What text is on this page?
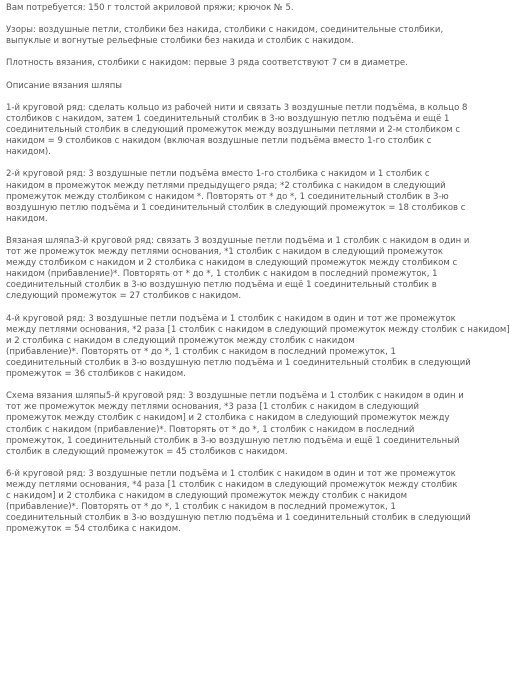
Вам потребуется: 150 г толстой акриловой пряжи; крючок № 5.
Узоры: воздушные петли, столбики без накида, столбики с накидом, соединительные столбики,
выпуклые и вогнутые рельефные столбики без накида и столбик с накидом.
Плотность вязания, столбики с накидом: первые 3 ряда соответствуют 7 см в диаметре.
Описание вязания шляпы
1-й круговой ряд: сделать кольцо из рабочей нити и связать 3 воздушные петли подъёма, в кольцо 8
столбиков с накидом, затем 1 соединительный столбик в 3-ю воздушную петлю подъёма и ещё 1
соединительный столбик в следующий промежуток между воздушными петлями и 2-м столбиком с
накидом = 9 столбиков с накидом (включая воздушные петли подъёма вместо 1-го столбик с
накидом).
2-й круговой ряд: 3 воздушные петли подъёма вместо 1-го столбика с накидом и 1 столбик с
накидом в промежуток между петлями предыдущего ряда; *2 столбика с накидом в следующий
промежуток между столбиком с накидом *. Повторять от * до *, 1 соединительный столбик в 3-ю
воздушную петлю подъёма и 1 соединительный столбик в следующий промежуток = 18 столбиков с
накидом.
Вязаная шляпа3-й круговой ряд: связать 3 воздушные петли подъёма и 1 столбик с накидом в один и
тот же промежуток между петлями основания, *1 столбик с накидом в следующий промежуток
между столбиком с накидом и 2 столбика с накидом в следующий промежуток между столбиком с
накидом (прибавление)*. Повторять от * до *, 1 столбик с накидом в последний промежуток, 1
соединительный столбик в 3-ю воздушную петлю подъёма и ещё 1 соединительный столбик в
следующий промежуток = 27 столбиков с накидом.
4-й круговой ряд: 3 воздушные петли подъёма и 1 столбик с накидом в один и тот же промежуток
между петлями основания, *2 раза [1 столбик с накидом в следующий промежуток между столбик с накидом]
и 2 столбика с накидом в следующий промежуток между столбик с накидом
(прибавление)*. Повторять от * до *, 1 столбик с накидом в последний промежуток, 1
соединительный столбик в 3-ю воздушную петлю подъёма и 1 соединительный столбик в следующий
промежуток = 36 столбиков с накидом.
Схема вязания шляпы5-й круговой ряд: 3 воздушные петли подъёма и 1 столбик с накидом в один и
тот же промежуток между петлями основания, *3 раза [1 столбик с накидом в следующий
промежуток между столбик с накидом] и 2 столбика с накидом в следующий промежуток между
столбик с накидом (прибавление)*. Повторять от * до *, 1 столбик с накидом в последний
промежуток, 1 соединительный столбик в 3-ю воздушную петлю подъёма и ещё 1 соединительный
столбик в следующий промежуток = 45 столбиков с накидом.
6-й круговой ряд: 3 воздушные петли подъёма и 1 столбик с накидом в один и тот же промежуток
между петлями основания, *4 раза [1 столбик с накидом в следующий промежуток между столбик
с накидом] и 2 столбика с накидом в следующий промежуток между столбик с накидом
(прибавление)*. Повторять от * до *, 1 столбик с накидом в последний промежуток, 1
соединительный столбик в 3-ю воздушную петлю подъёма и 1 соединительный столбик в следующий
промежуток = 54 столбика с накидом.
